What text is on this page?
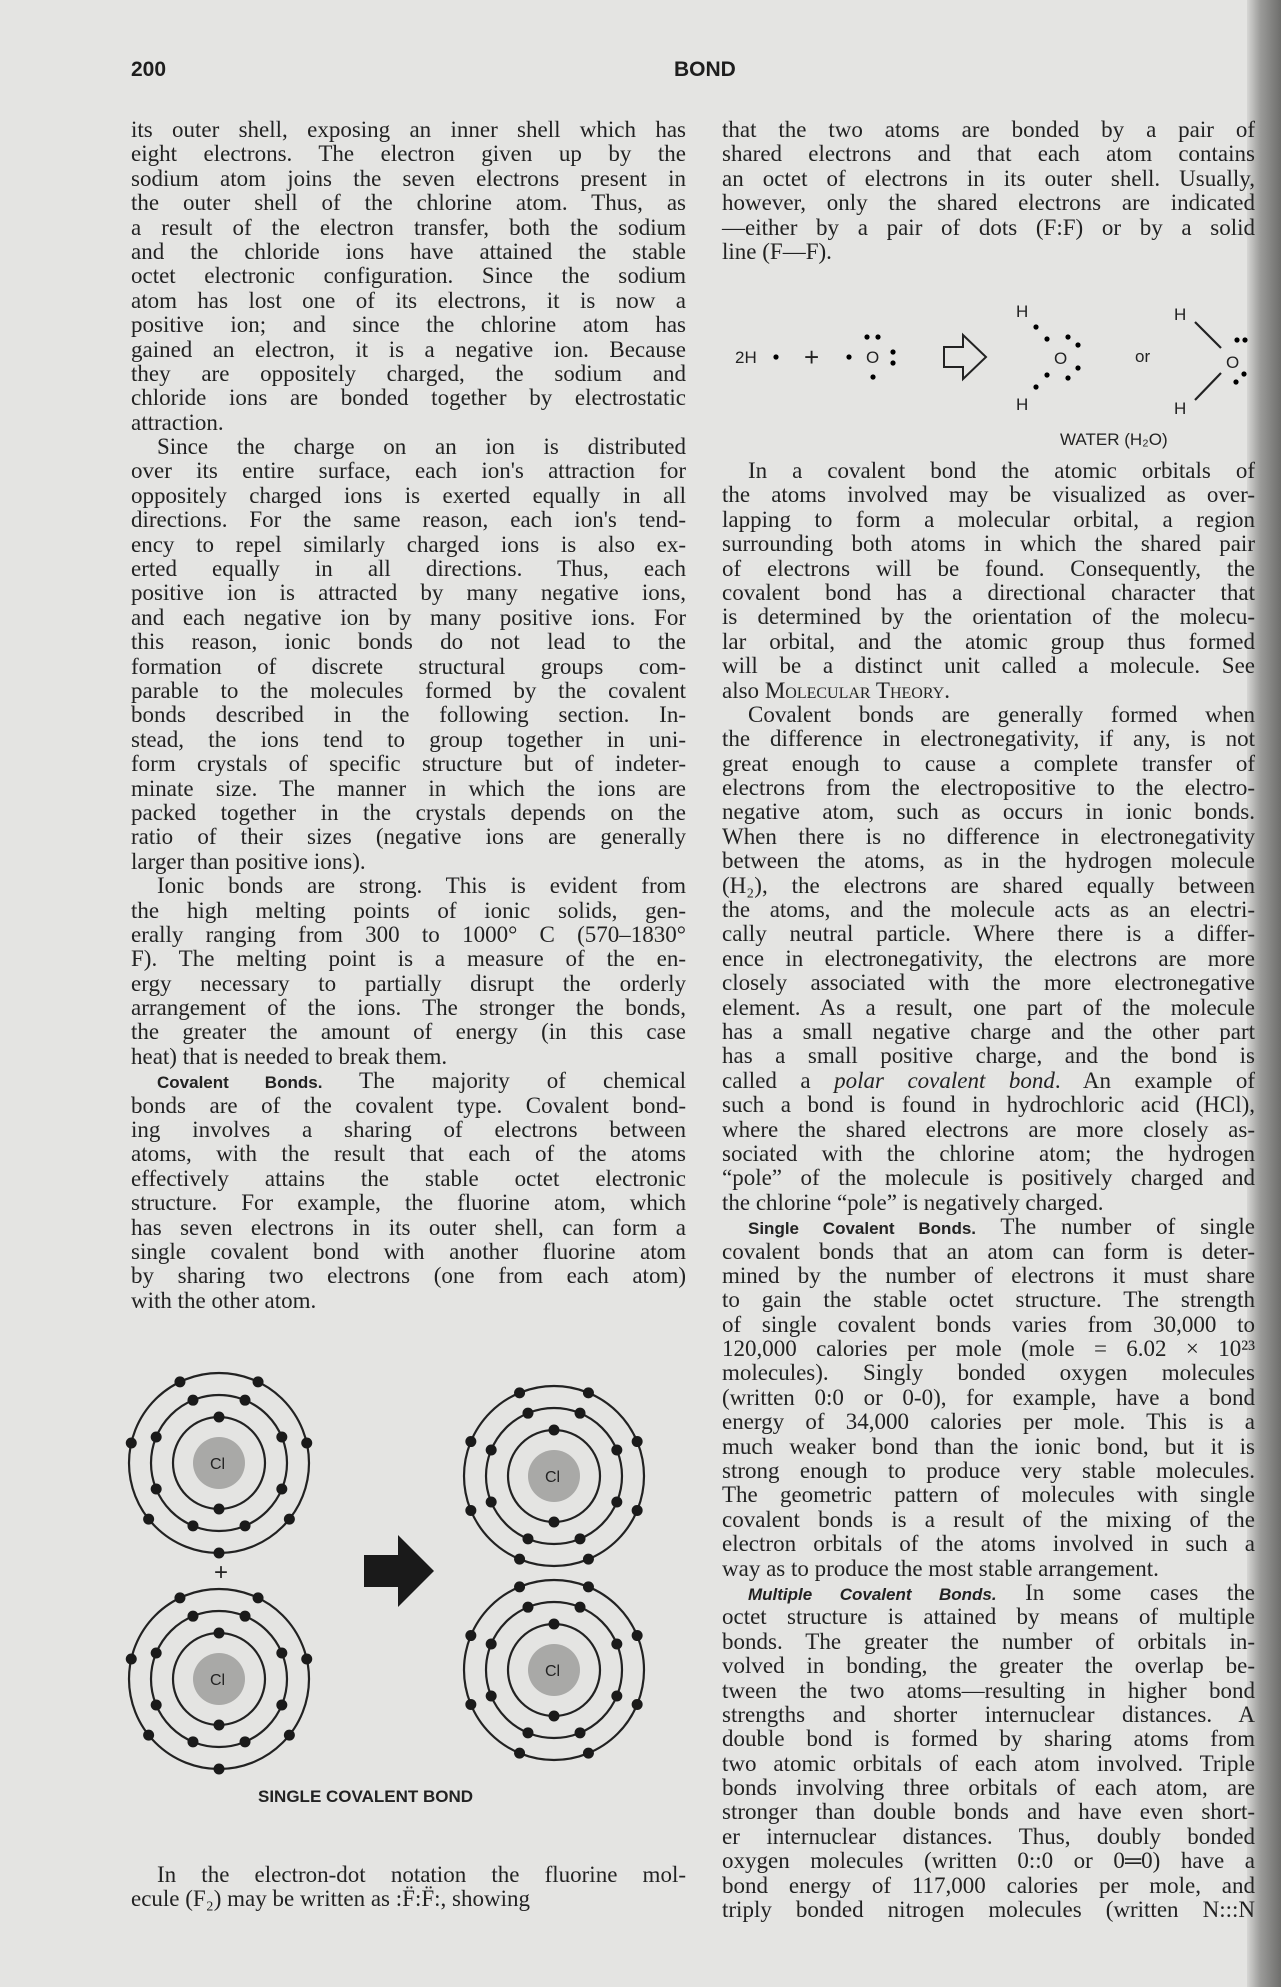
200	BOND
its outer shell, exposing an inner shell which has
eight electrons. The electron given up by the
sodium atom joins the seven electrons present in
the outer shell of the chlorine atom. Thus, as
a result of the electron transfer, both the sodium
and the chloride ions have attained the stable
octet electronic configuration. Since the sodium
atom has lost one of its electrons, it is now a
positive ion; and since the chlorine atom has
gained an electron, it is a negative ion. Because
they are oppositely charged, the sodium and
chloride ions are bonded together by electrostatic
attraction.
Since the charge on an ion is distributed
over its entire surface, each ion's attraction for
oppositely charged ions is exerted equally in all
directions. For the same reason, each ion's tend-
ency to repel similarly charged ions is also ex-
erted equally in all directions. Thus, each
positive ion is attracted by many negative ions,
and each negative ion by many positive ions. For
this reason, ionic bonds do not lead to the
formation of discrete structural groups com-
parable to the molecules formed by the covalent
bonds described in the following section. In-
stead, the ions tend to group together in uni-
form crystals of specific structure but of indeter-
minate size. The manner in which the ions are
packed together in the crystals depends on the
ratio of their sizes (negative ions are generally
larger than positive ions).
Ionic bonds are strong. This is evident from
the high melting points of ionic solids, gen-
erally ranging from 300 to 1000° C (570–1830°
F). The melting point is a measure of the en-
ergy necessary to partially disrupt the orderly
arrangement of the ions. The stronger the bonds,
the greater the amount of energy (in this case
heat) that is needed to break them.
Covalent Bonds. The majority of chemical
bonds are of the covalent type. Covalent bond-
ing involves a sharing of electrons between
atoms, with the result that each of the atoms
effectively attains the stable octet electronic
structure. For example, the fluorine atom, which
has seven electrons in its outer shell, can form a
single covalent bond with another fluorine atom
by sharing two electrons (one from each atom)
with the other atom.
In the electron-dot notation the fluorine mol-
ecule (F₂) may be written as :F̈:F̈:, showing
that the two atoms are bonded by a pair of
shared electrons and that each atom contains
an octet of electrons in its outer shell. Usually,
however, only the shared electrons are indicated
—either by a pair of dots (F:F) or by a solid
line (F—F).
In a covalent bond the atomic orbitals of
the atoms involved may be visualized as over-
lapping to form a molecular orbital, a region
surrounding both atoms in which the shared pair
of electrons will be found. Consequently, the
covalent bond has a directional character that
is determined by the orientation of the molecu-
lar orbital, and the atomic group thus formed
will be a distinct unit called a molecule. See
also Molecular Theory.
Covalent bonds are generally formed when
the difference in electronegativity, if any, is not
great enough to cause a complete transfer of
electrons from the electropositive to the electro-
negative atom, such as occurs in ionic bonds.
When there is no difference in electronegativity
between the atoms, as in the hydrogen molecule
(H₂), the electrons are shared equally between
the atoms, and the molecule acts as an electri-
cally neutral particle. Where there is a differ-
ence in electronegativity, the electrons are more
closely associated with the more electronegative
element. As a result, one part of the molecule
has a small negative charge and the other part
has a small positive charge, and the bond is
called a polar covalent bond. An example of
such a bond is found in hydrochloric acid (HCl),
where the shared electrons are more closely as-
sociated with the chlorine atom; the hydrogen
“pole” of the molecule is positively charged and
the chlorine “pole” is negatively charged.
Single Covalent Bonds. The number of single
covalent bonds that an atom can form is deter-
mined by the number of electrons it must share
to gain the stable octet structure. The strength
of single covalent bonds varies from 30,000 to
120,000 calories per mole (mole = 6.02 × 10²³
molecules). Singly bonded oxygen molecules
(written 0:0 or 0-0), for example, have a bond
energy of 34,000 calories per mole. This is a
much weaker bond than the ionic bond, but it is
strong enough to produce very stable molecules.
The geometric pattern of molecules with single
covalent bonds is a result of the mixing of the
electron orbitals of the atoms involved in such a
way as to produce the most stable arrangement.
Multiple Covalent Bonds. In some cases the
octet structure is attained by means of multiple
bonds. The greater the number of orbitals in-
volved in bonding, the greater the overlap be-
tween the two atoms—resulting in higher bond
strengths and shorter internuclear distances. A
double bond is formed by sharing atoms from
two atomic orbitals of each atom involved. Triple
bonds involving three orbitals of each atom, are
stronger than double bonds and have even short-
er internuclear distances. Thus, doubly bonded
oxygen molecules (written 0::0 or 0═0) have a
bond energy of 117,000 calories per mole, and
triply bonded nitrogen molecules (written N:::N
2H +	O
H
O
H
or
H
O
H
WATER (H₂O)
+
SINGLE COVALENT BOND
Cl
Cl
Cl
Cl
